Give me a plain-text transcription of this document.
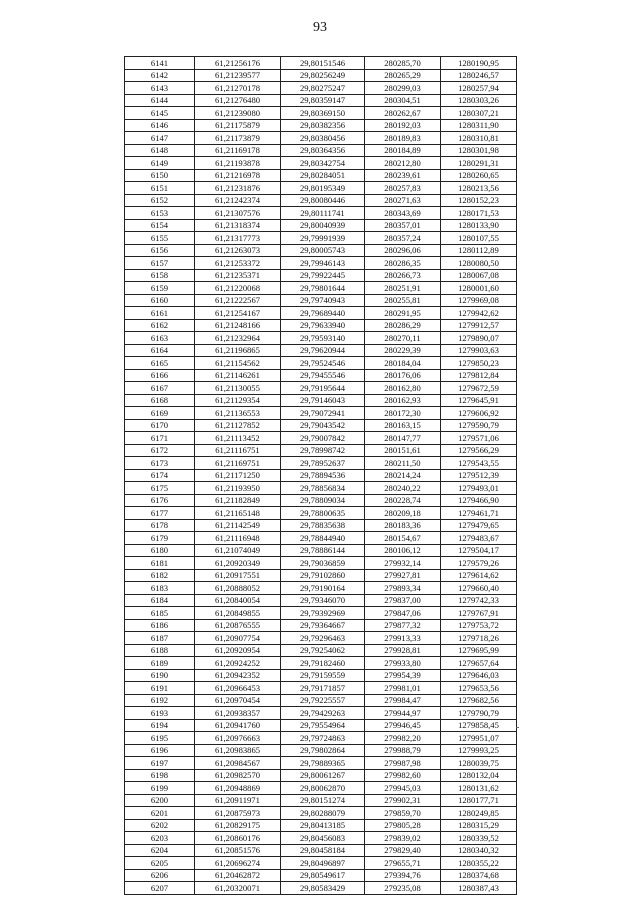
93
6141	61,21256176	29,80151546	280285,70	1280190,95
6142	61,21239577	29,80256249	280265,29	1280246,57
6143	61,21270178	29,80275247	280299,03	1280257,94
6144	61,21276480	29,80359147	280304,51	1280303,26
6145	61,21239080	29,80369150	280262,67	1280307,21
6146	61,21175879	29,80382356	280192,03	1280311,90
6147	61,21173879	29,80380456	280189,83	1280310,81
6148	61,21169178	29,80364356	280184,89	1280301,98
6149	61,21193878	29,80342754	280212,80	1280291,31
6150	61,21216978	29,80284051	280239,61	1280260,65
6151	61,21231876	29,80195349	280257,83	1280213,56
6152	61,21242374	29,80080446	280271,63	1280152,23
6153	61,21307576	29,80111741	280343,69	1280171,53
6154	61,21318374	29,80040939	280357,01	1280133,90
6155	61,21317773	29,79991939	280357,24	1280107,55
6156	61,21263073	29,80005743	280296,06	1280112,89
6157	61,21253372	29,79946143	280286,35	1280080,50
6158	61,21235371	29,79922445	280266,73	1280067,08
6159	61,21220068	29,79801644	280251,91	1280001,60
6160	61,21222567	29,79740943	280255,81	1279969,08
6161	61,21254167	29,79689440	280291,95	1279942,62
6162	61,21248166	29,79633940	280286,29	1279912,57
6163	61,21232964	29,79593140	280270,11	1279890,07
6164	61,21196865	29,79620944	280229,39	1279903,63
6165	61,21154562	29,79524546	280184,04	1279850,23
6166	61,21146261	29,79455546	280176,06	1279812,84
6167	61,21130055	29,79195644	280162,80	1279672,59
6168	61,21129354	29,79146043	280162,93	1279645,91
6169	61,21136553	29,79072941	280172,30	1279606,92
6170	61,21127852	29,79043542	280163,15	1279590,79
6171	61,21113452	29,79007842	280147,77	1279571,06
6172	61,21116751	29,78998742	280151,61	1279566,29
6173	61,21169751	29,78952637	280211,50	1279543,55
6174	61,21171250	29,78894536	280214,24	1279512,39
6175	61,21193950	29,78856834	280240,22	1279493,01
6176	61,21182849	29,78809034	280228,74	1279466,90
6177	61,21165148	29,78800635	280209,18	1279461,71
6178	61,21142549	29,78835638	280183,36	1279479,65
6179	61,21116948	29,78844940	280154,67	1279483,67
6180	61,21074049	29,78886144	280106,12	1279504,17
6181	61,20920349	29,79036859	279932,14	1279579,26
6182	61,20917551	29,79102860	279927,81	1279614,62
6183	61,20888052	29,79190164	279893,34	1279660,40
6184	61,20840054	29,79346070	279837,00	1279742,33
6185	61,20849855	29,79392969	279847,06	1279767,91
6186	61,20876555	29,79364667	279877,32	1279753,72
6187	61,20907754	29,79296463	279913,33	1279718,26
6188	61,20920954	29,79254062	279928,81	1279695,99
6189	61,20924252	29,79182460	279933,80	1279657,64
6190	61,20942352	29,79159559	279954,39	1279646,03
6191	61,20966453	29,79171857	279981,01	1279653,56
6192	61,20970454	29,79225557	279984,47	1279682,56
6193	61,20938357	29,79429263	279944,97	1279790,79
6194	61,20941760	29,79554964	279946,45	1279858,45
6195	61,20976663	29,79724863	279982,20	1279951,07
6196	61,20983865	29,79802864	279988,79	1279993,25
6197	61,20984567	29,79889365	279987,98	1280039,75
6198	61,20982570	29,80061267	279982,60	1280132,04
6199	61,20948869	29,80062870	279945,03	1280131,62
6200	61,20911971	29,80151274	279902,31	1280177,71
6201	61,20875973	29,80288079	279859,70	1280249,85
6202	61,20829175	29,80413185	279805,28	1280315,29
6203	61,20860176	29,80456083	279839,02	1280339,52
6204	61,20851576	29,80458184	279829,40	1280340,32
6205	61,20696274	29,80496897	279655,71	1280355,22
6206	61,20462872	29,80549617	279394,76	1280374,68
6207	61,20320071	29,80583429	279235,08	1280387,43
